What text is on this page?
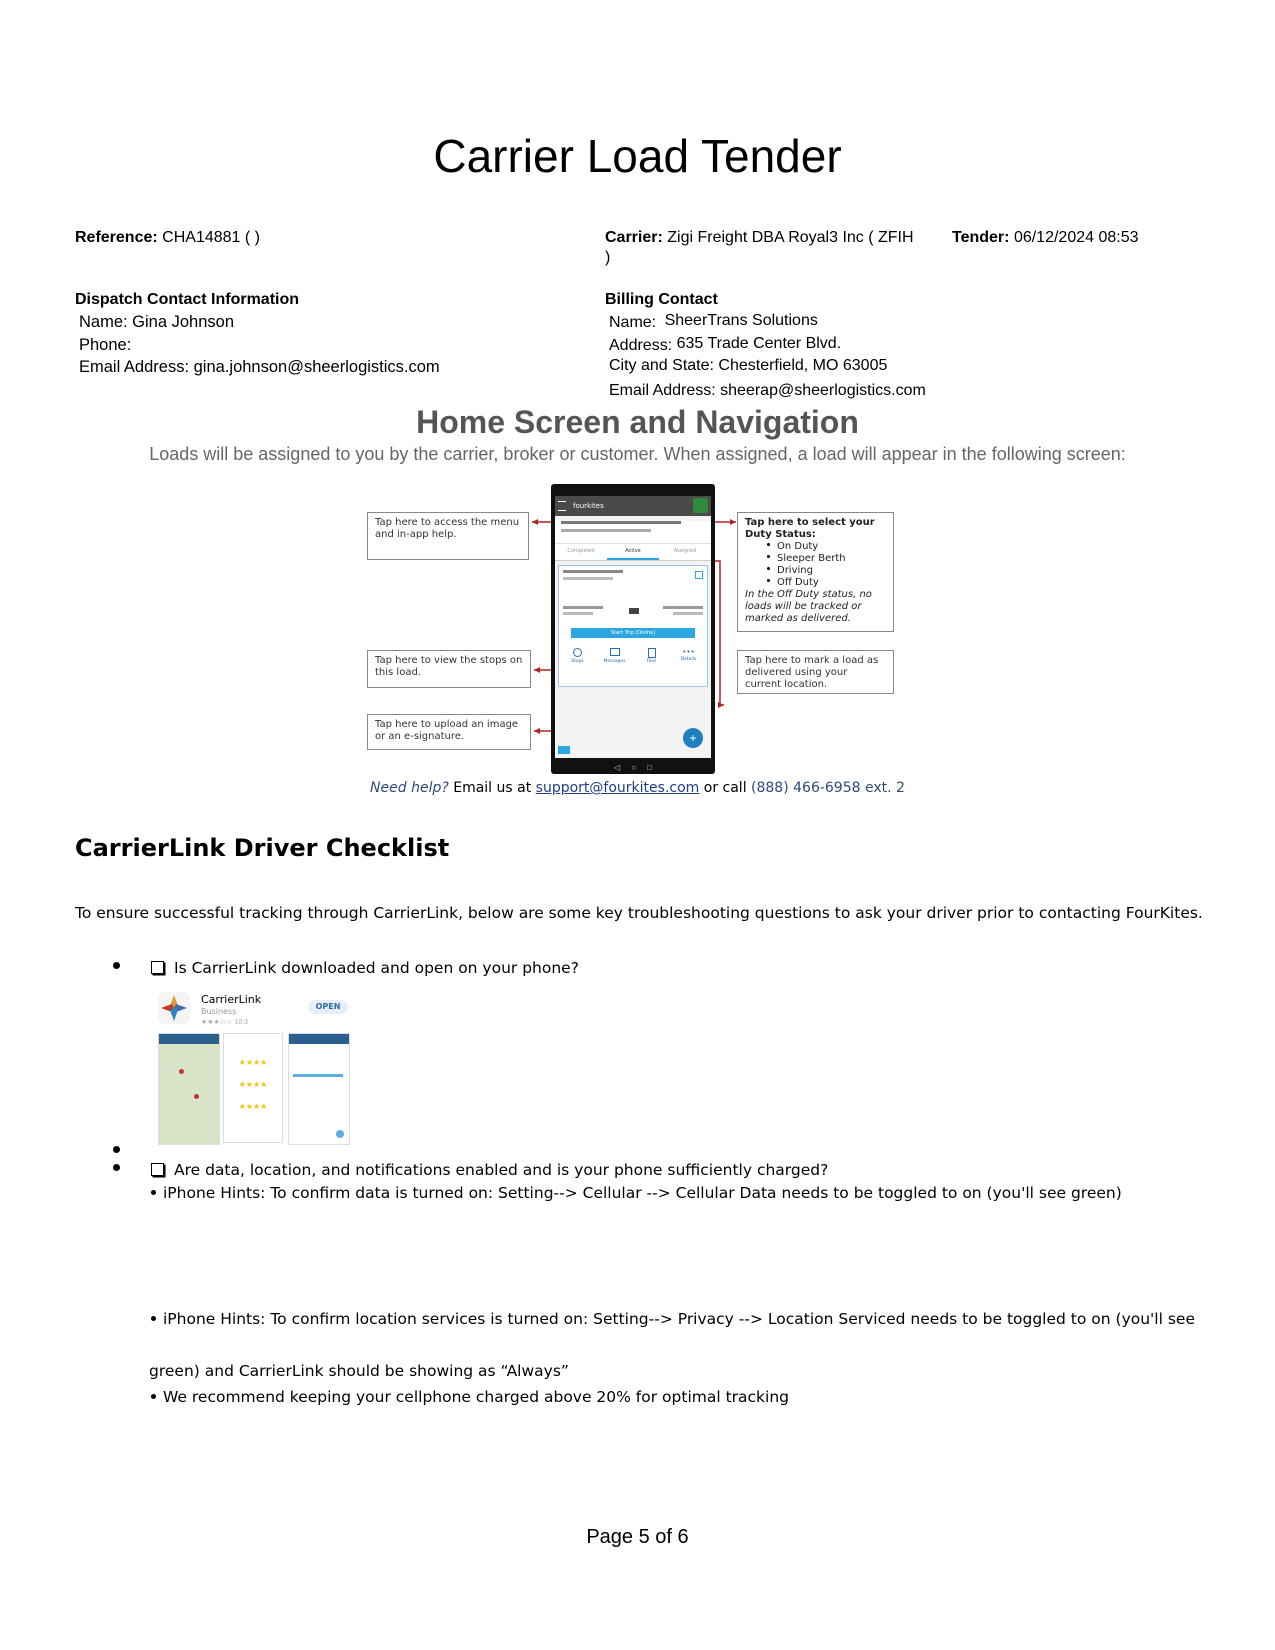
Carrier Load Tender
Reference: CHA14881 ( )	Carrier: Zigi Freight DBA Royal3 Inc ( ZFIH
)
Tender: 06/12/2024 08:53
Dispatch Contact Information
Name: Gina Johnson
Phone:
Email Address: gina.johnson@sheerlogistics.com
Billing Contact
Name: SheerTrans Solutions
Address: 635 Trade Center Blvd.
City and State: Chesterfield, MO 63005
Email Address: sheerap@sheerlogistics.com
Home Screen and Navigation
Loads will be assigned to you by the carrier, broker or customer. When assigned, a load will appear in the following screen:
Tap here to access the menu and in-app help.
Tap here to view the stops on this load.
Tap here to upload an image or an e-signature.
Tap here to select your Duty Status:
On Duty
Sleeper Berth
Driving
Off Duty
In the Off Duty status, no loads will be tracked or marked as delivered.
Tap here to mark a load as delivered using your current location.
fourkites
Completed	Active	Assigned
Start Trip (Online)
Stops	Messages	Files
•••
Details
+
◁     ○     □
Need help? Email us at support@fourkites.com or call (888) 466-6958 ext. 2
CarrierLink Driver Checklist
To ensure successful tracking through CarrierLink, below are some key troubleshooting questions to ask your driver prior to contacting FourKites.
Is CarrierLink downloaded and open on your phone?
CarrierLink
Business
★★★☆☆ 10.3
OPEN
★★★★
★★★★
★★★★
Are data, location, and notifications enabled and is your phone sufficiently charged?
iPhone Hints: To confirm data is turned on: Setting--> Cellular --> Cellular Data needs to be toggled to on (you'll see green)
iPhone Hints: To confirm location services is turned on: Setting--> Privacy --> Location Serviced needs to be toggled to on (you'll see
green) and CarrierLink should be showing as “Always”
We recommend keeping your cellphone charged above 20% for optimal tracking
Page 5 of 6
